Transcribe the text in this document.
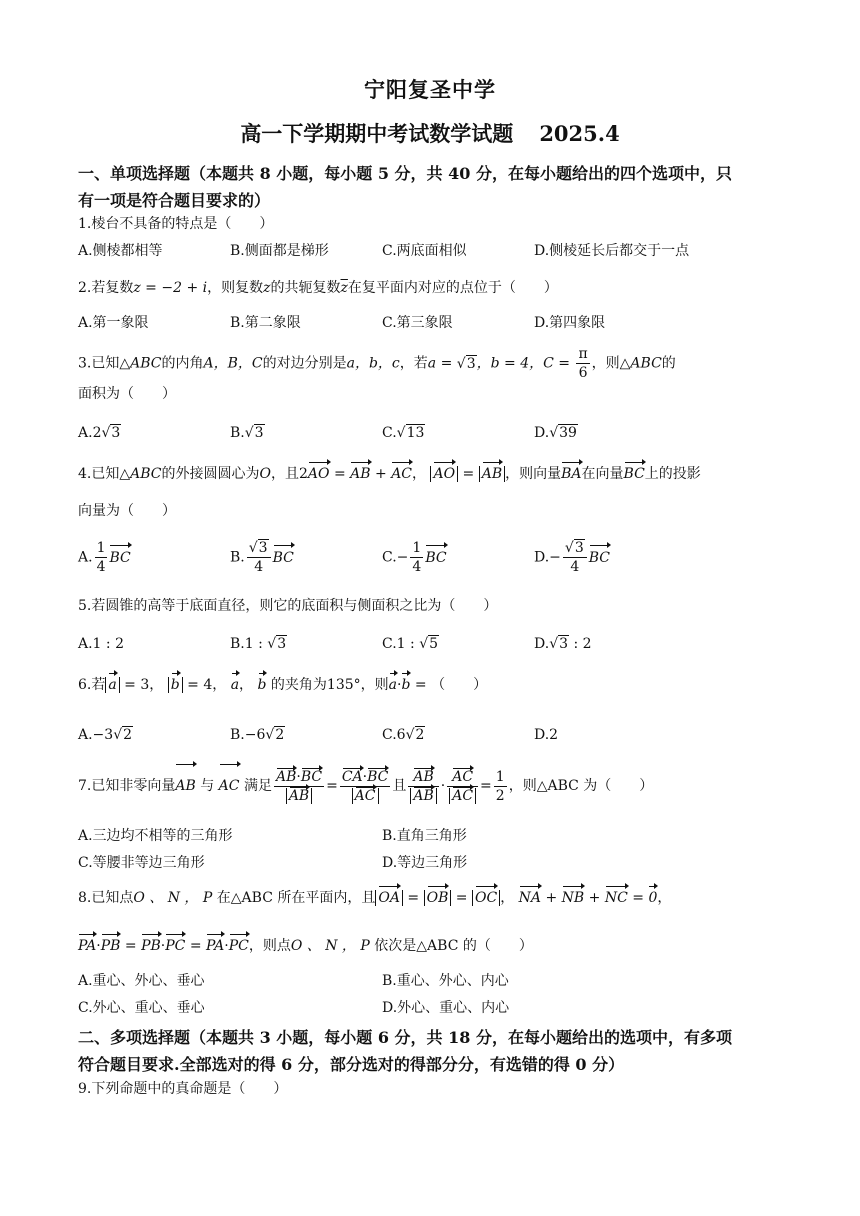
宁阳复圣中学
高一下学期期中考试数学试题 2025.4
一、单项选择题（本题共 8 小题，每小题 5 分，共 40 分，在每小题给出的四个选项中，只
有一项是符合题目要求的）
1.棱台不具备的特点是（　　）
A.侧棱都相等	B.侧面都是梯形	C.两底面相似	D.侧棱延长后都交于一点
2.若复数z = −2 + i，则复数z的共轭复数$\overline{z}$在复平面内对应的点位于（　　）
A.第一象限	B.第二象限	C.第三象限	D.第四象限
3.已知△ABC的内角A，B，C的对边分别是a，b，c，若a = √3，b = 4，$C = \frac{\pi}{6}$ ，则△ABC的
面积为（　　）
A.2√3	B.√3	C.√13	D.√39
4.已知△ABC的外接圆圆心为O，且2AO = AB + AC， AO = AB ，则向量BA在向量BC上的投影
向量为（　　）
A. $\frac{1}{4}$ BC	B. $\frac{√3}{4}$ BC	$C.- \frac{1}{4}$ BC	$D.- \frac{√3}{4}$ BC
5.若圆锥的高等于底面直径，则它的底面积与侧面积之比为（　　）
A.1 : 2	B.1 : √3	C.1 : √5	D.√3 : 2
6.若 a = 3， b = 4， a， b 的夹角为135°，则a·b = （　　）
A.−3√2	B.−6√2	C.6√2	D.2
7.已知非零向量AB 与 AC 满足 $\frac{AB\cdot BC}{AB} = \frac{CA\cdot BC}{AC}$ 且 $\frac{AB}{AB} \cdot \frac{AC}{AC} = \frac{1}{2}$ ，则△ABC 为（　　）
A.三边均不相等的三角形	B.直角三角形
C.等腰非等边三角形	D.等边三角形
8.已知点O 、 N ， P 在△ABC 所在平面内，且 OA = OB = OC ， NA + NB + NC = 0，
PA·PB = PB·PC = PA·PC，则点O 、 N ， P 依次是△ABC 的（　　）
A.重心、外心、垂心	B.重心、外心、内心
C.外心、重心、垂心	D.外心、重心、内心
二、多项选择题（本题共 3 小题，每小题 6 分，共 18 分，在每小题给出的选项中，有多项
符合题目要求.全部选对的得 6 分，部分选对的得部分分，有选错的得 0 分）
9.下列命题中的真命题是（　　）
